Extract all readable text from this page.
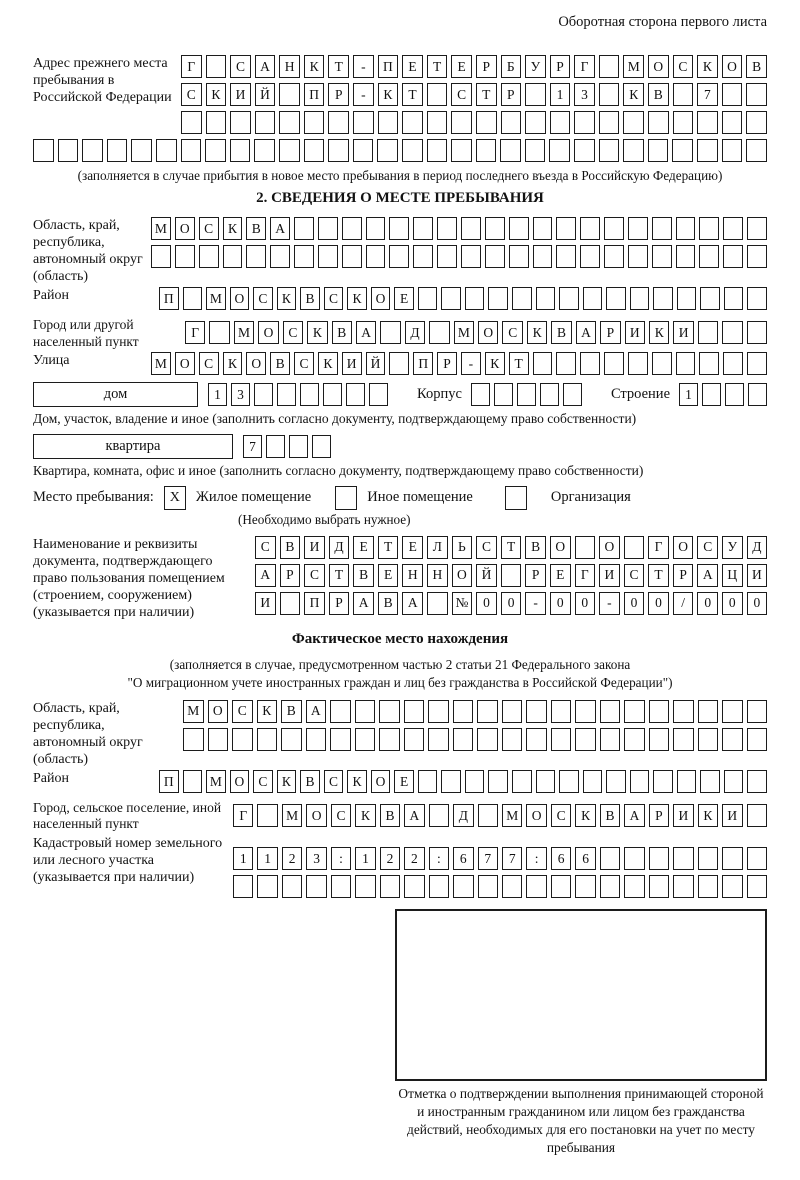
Оборотная сторона первого листа
Адрес прежнего места пребывания в Российской Федерации
Г	С	А	Н	К	Т	-	П	Е	Т	Е	Р	Б	У	Р	Г	М	О	С	К	О	В
С	К	И	Й	П	Р	-	К	Т	С	Т	Р	1	3	К	В	7
(заполняется в случае прибытия в новое место пребывания в период последнего въезда в Российскую Федерацию)
2. СВЕДЕНИЯ О МЕСТЕ ПРЕБЫВАНИЯ
Область, край, республика, автономный округ (область)
М О	С	К	В	А
Район	П	М О	С	К	В	С	К	О	Е
Город или другой населенный пункт
Г	М	О	С	К	В	А	Д	М	О	С	К	В	А	Р	И	К	И
Улица	М О	С	К	О	В	С	К	И	Й	П	Р	-	К	Т
дом	1	3	Корпус	Строение	1
Дом, участок, владение и иное (заполнить согласно документу, подтверждающему право собственности)
квартира	7
Квартира, комната, офис и иное (заполнить согласно документу, подтверждающему право собственности)
Место пребывания:	X	Жилое помещение	Иное помещение	Организация
(Необходимо выбрать нужное)
Наименование и реквизиты документа, подтверждающего право пользования помещением (строением, сооружением) (указывается при наличии)
С	В	И	Д	Е	Т	Е	Л	Ь	С	Т	В	О	О	Г	О	С	У	Д
А	Р	С	Т	В	Е	Н	Н	О	Й	Р	Е	Г	И	С	Т	Р	А	Ц	И
И	П	Р	А	В	А	№	0	0	-	0	0	-	0	0	/	0	0	0
Фактическое место нахождения
(заполняется в случае, предусмотренном частью 2 статьи 21 Федерального закона
"О миграционном учете иностранных граждан и лиц без гражданства в Российской Федерации")
Область, край, республика, автономный округ (область)
М	О	С	К	В	А
Район	П	М О	С	К	В	С	К	О	Е
Город, сельское поселение, иной населенный пункт
Г	М	О	С	К	В	А	Д	М	О	С	К	В	А	Р	И	К	И
Кадастровый номер земельного или лесного участка (указывается при наличии)
1	1	2	3	:	1	2	2	:	6	7	7	:	6	6
Отметка о подтверждении выполнения принимающей стороной и иностранным гражданином или лицом без гражданства действий, необходимых для его постановки на учет по месту пребывания
